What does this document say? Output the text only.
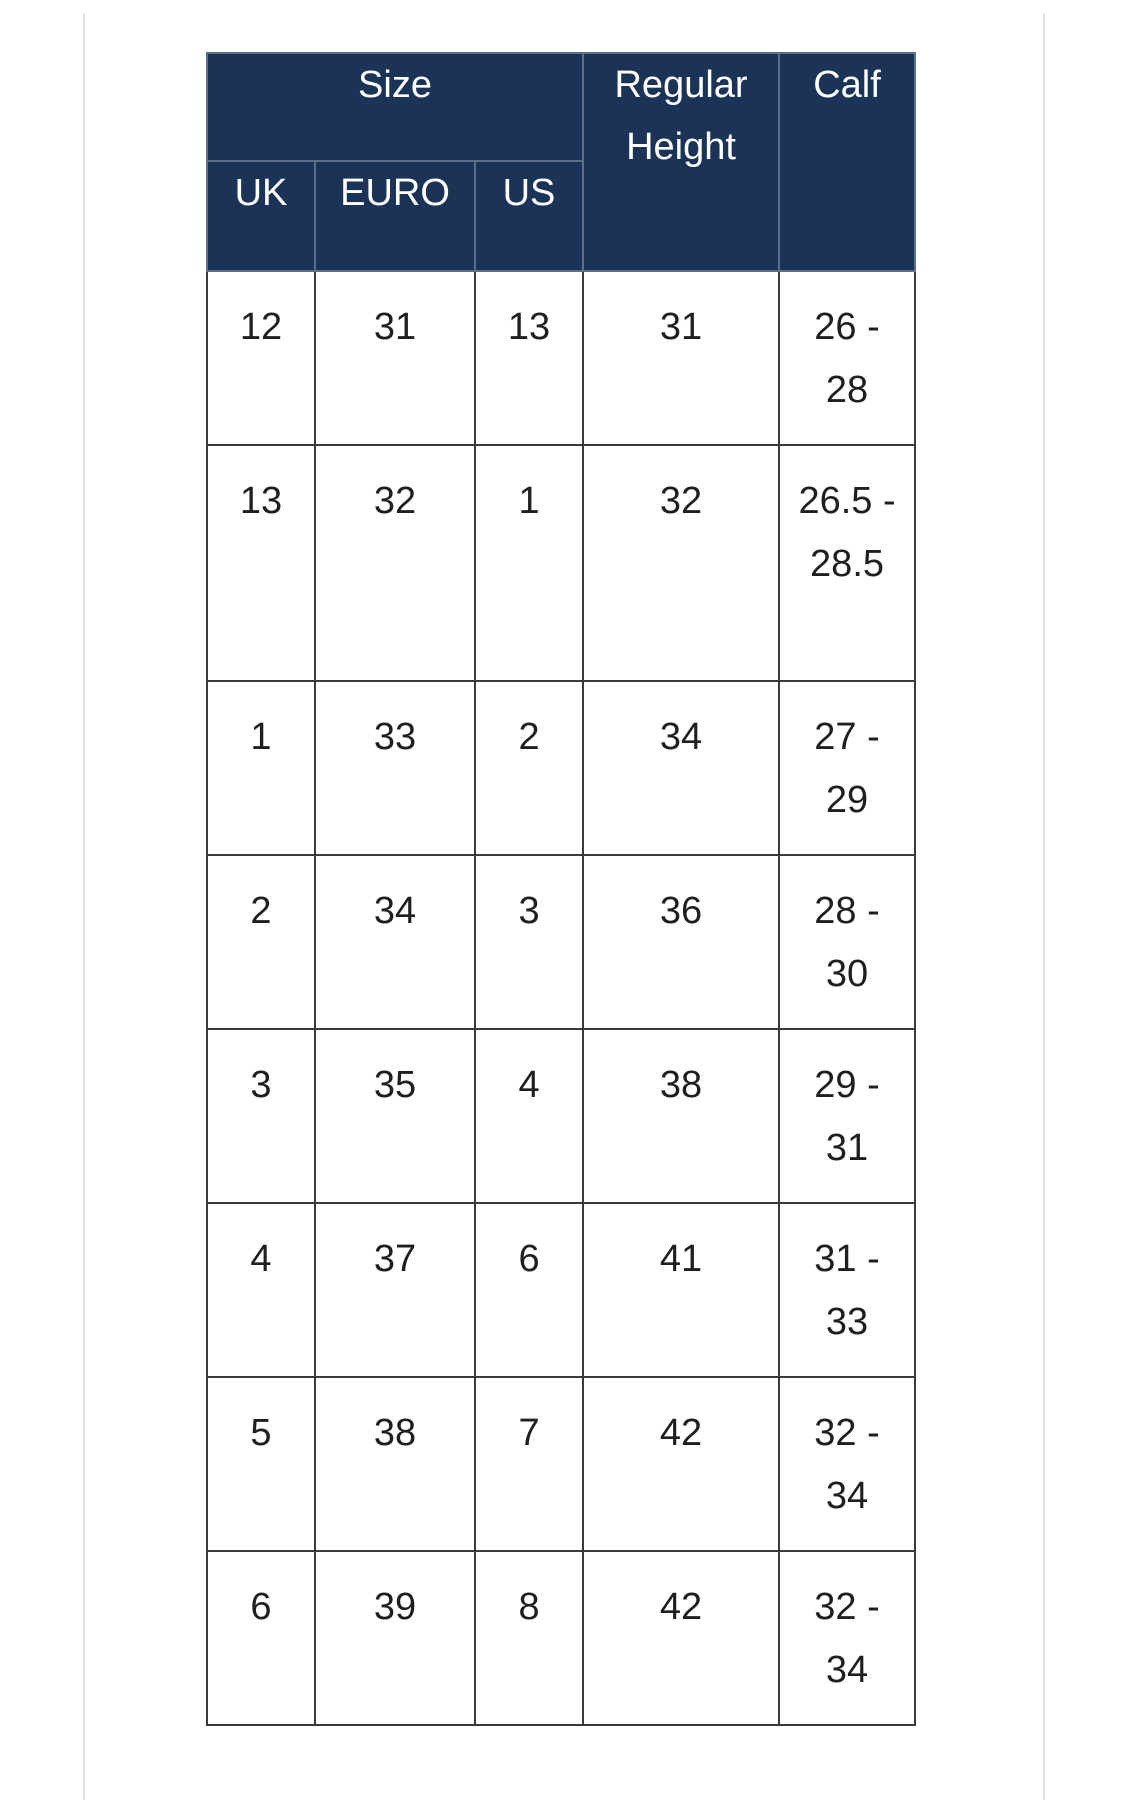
Size			Regular Height	Calf
UK	EURO	US		
12	31	13	31	26 - 28

13	32	1	32	26.5 - 28.5

1	33	2	34	27 - 29

2	34	3	36	28 - 30

3	35	4	38	29 - 31

4	37	6	41	31 - 33

5	38	7	42	32 - 34

6	39	8	42	32 - 34
